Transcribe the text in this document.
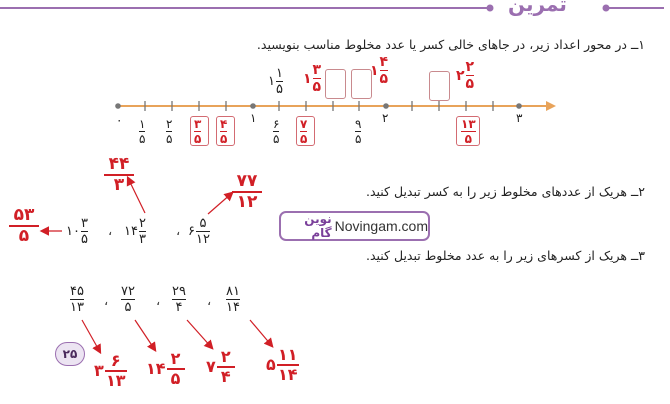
تمرین
۱ــ در محور اعداد زیر، در جاهای خالی کسر یا عدد مخلوط مناسب بنویسید.
۱
۱
۵
۱
۳
۵
۱
۴
۵	۲
۲
۵
۰ ۱
۵
۲
۵
۳
۵
۴
۵
۱ ۶
۵
۷
۵
۹
۵
۲	۱۳
۵
۳
۲ــ هریک از عددهای مخلوط زیر را به کسر تبدیل کنید.
۵۳
۵
۴۴
۳	۷۷
۱۲
۱۰
۳
۵
، ۱۴
۲
۳
، ۶
۵
۱۲
نوین گام Novingam.com
۳ــ هریک از کسرهای زیر را به عدد مخلوط تبدیل کنید.
۴۵
۱۳ ،
۷۲
۵ ،
۲۹
۴ ،
۸۱
۱۴
۳
۶
۱۳
۱۴
۲
۵
۷
۲
۴
۵
۱۱
۱۴
۲۵
